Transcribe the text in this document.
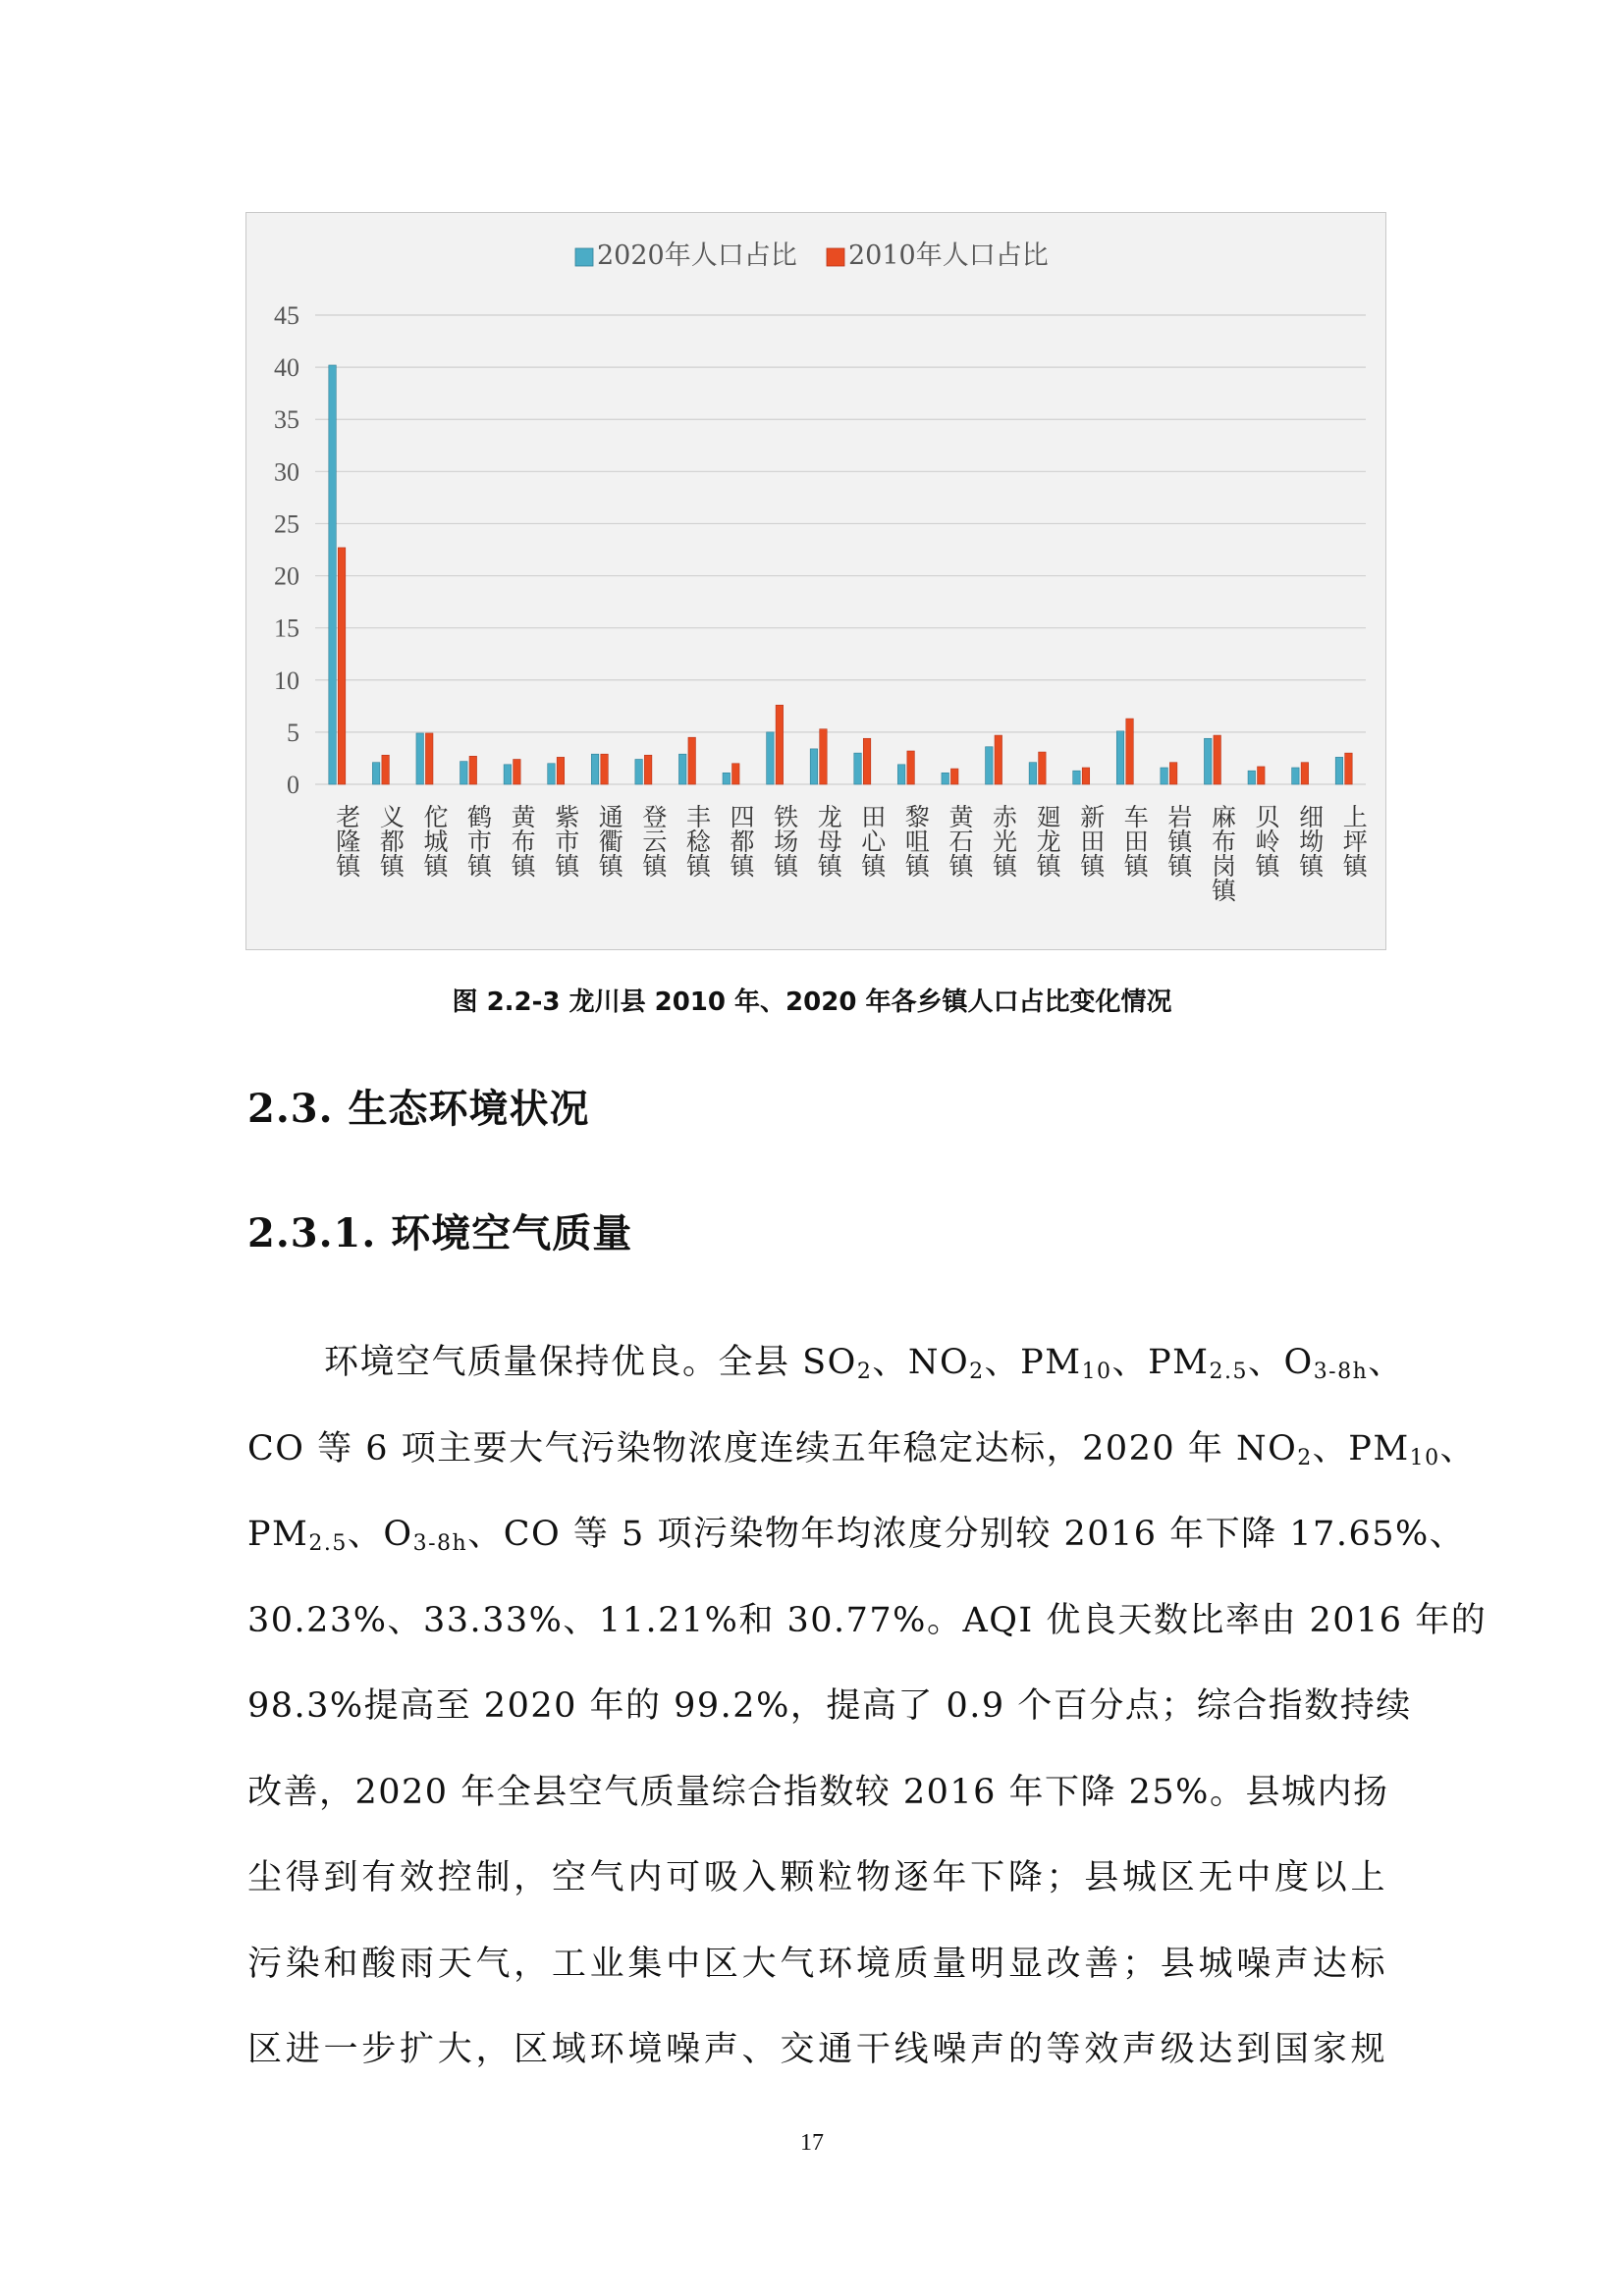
0
5
10
15
20
25
30
35
40
45
老隆镇 义都镇 佗城镇 鹤市镇 黄布镇 紫市镇 通衢镇 登云镇 丰稔镇 四都镇 铁场镇 龙母镇 田心镇 黎咀镇 黄石镇 赤光镇 廻龙镇 新田镇 车田镇 岩镇镇 麻布岗镇 贝岭镇 细坳镇 上坪镇
2020年人口占比 2010年人口占比
图 2.2-3 龙川县 2010 年、2020 年各乡镇人口占比变化情况
2.3. 生态环境状况
2.3.1. 环境空气质量
环境空气质量保持优良。全县 $SO_2$、$NO_2$、$PM_{10}$、$PM_{2.5}$、$O_{3-8h}$、
CO 等 6 项主要大气污染物浓度连续五年稳定达标，2020 年 $NO_2$、$PM_{10}$、
$PM_{2.5}$、$O_{3-8h}$、CO 等 5 项污染物年均浓度分别较 2016 年下降 17.65%、
30.23%、33.33%、11.21%和 30.77%。AQI 优良天数比率由 2016 年的
98.3%提高至 2020 年的 99.2%，提高了 0.9 个百分点；综合指数持续
改善，2020 年全县空气质量综合指数较 2016 年下降 25%。县城内扬
尘得到有效控制，空气内可吸入颗粒物逐年下降；县城区无中度以上
污染和酸雨天气，工业集中区大气环境质量明显改善；县城噪声达标
区进一步扩大，区域环境噪声、交通干线噪声的等效声级达到国家规
17
